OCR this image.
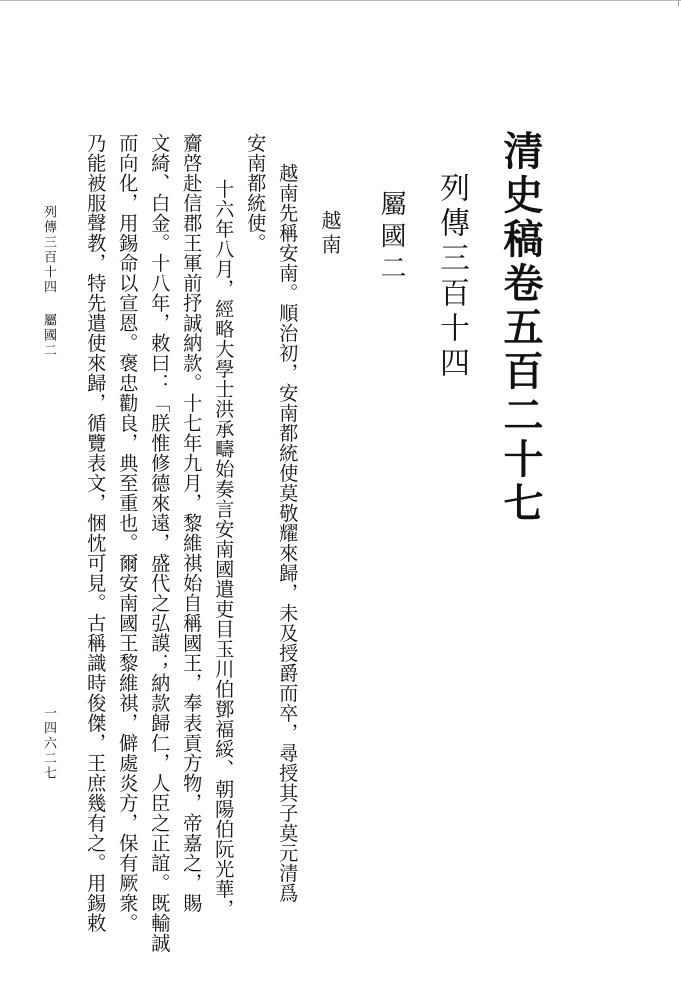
清史稿卷五百二十七
列傳三百十四
屬國二
越南
越南先稱安南。順治初，安南都統使莫敬耀來歸，未及授爵而卒，尋授其子莫元清爲
安南都統使。
十六年八月，經略大學士洪承疇始奏言安南國遣吏目玉川伯鄧福綏、朝陽伯阮光華，
齎啓赴信郡王軍前抒誠納款。十七年九月，黎維祺始自稱國王，奉表貢方物，帝嘉之，賜
文綺、白金。十八年，敕曰：「朕惟修德來遠，盛代之弘謨；納款歸仁，人臣之正誼。既輸誠
而向化，用錫命以宣恩。褒忠勸良，典至重也。爾安南國王黎維祺，僻處炎方，保有厥衆。
乃能被服聲教，特先遣使來歸，循覽表文，悃忱可見。古稱識時俊傑，王庶幾有之。用錫敕
列傳三百十四屬國二
一四六二七
